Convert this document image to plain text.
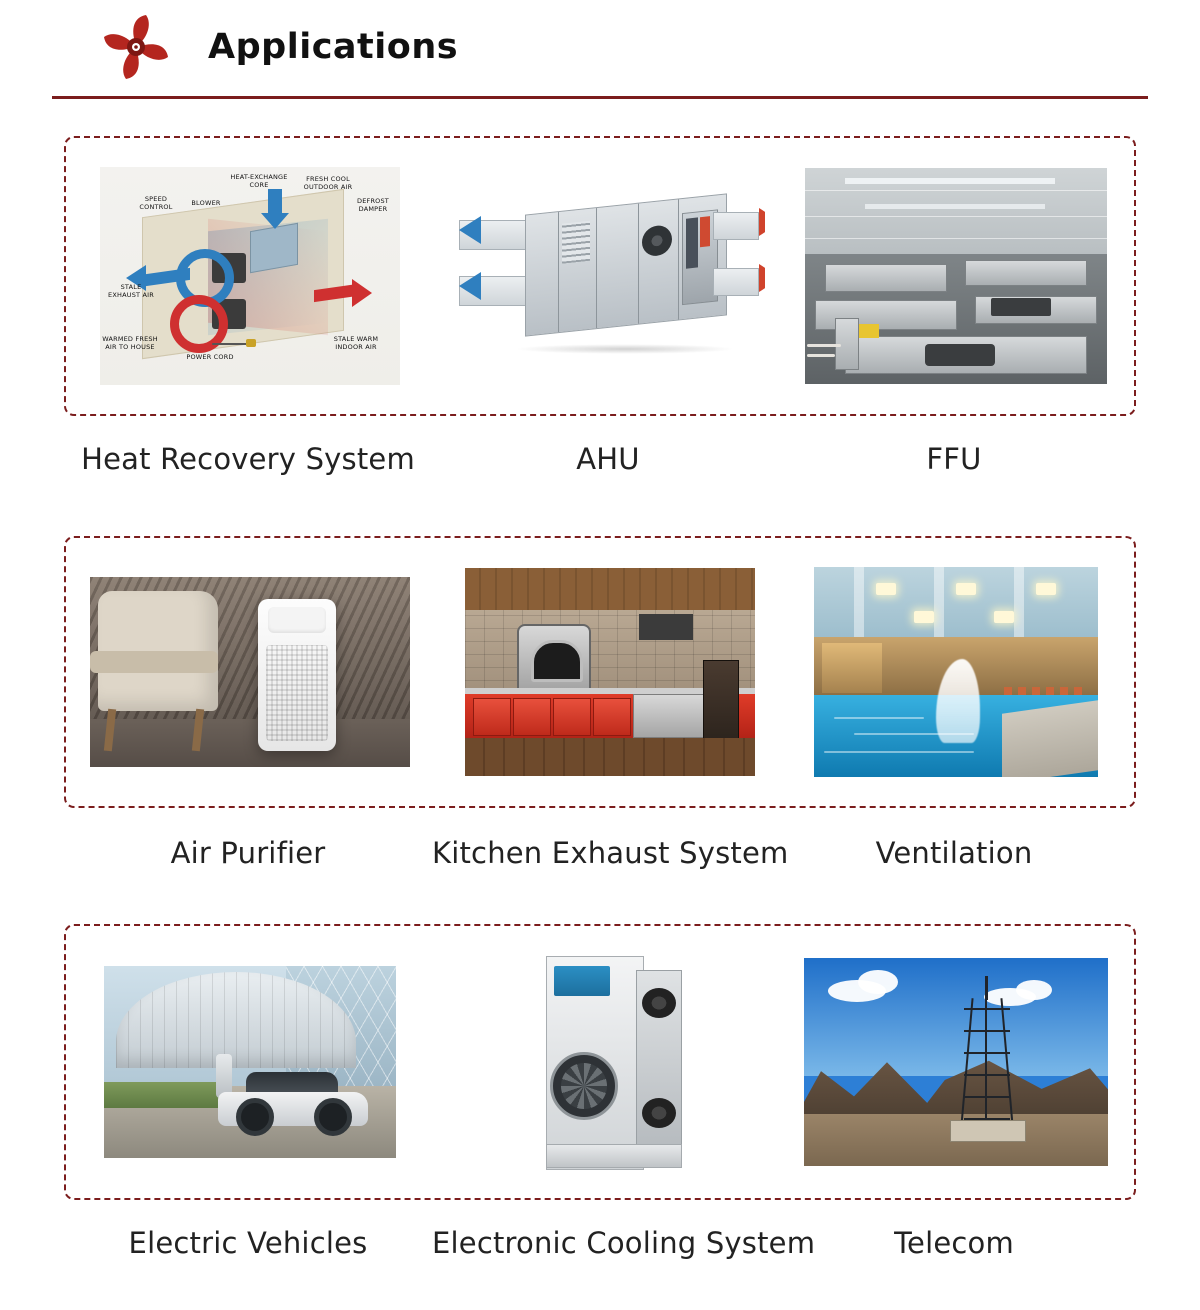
Applications
SPEED CONTROL
BLOWER
HEAT-EXCHANGE CORE
FRESH COOL OUTDOOR AIR
DEFROST DAMPER
STALE EXHAUST AIR
WARMED FRESH AIR TO HOUSE
POWER CORD
STALE WARM INDOOR AIR
Heat Recovery System	AHU	FFU
Air Purifier	Kitchen Exhaust System	Ventilation
Electric Vehicles	Electronic Cooling System	Telecom
